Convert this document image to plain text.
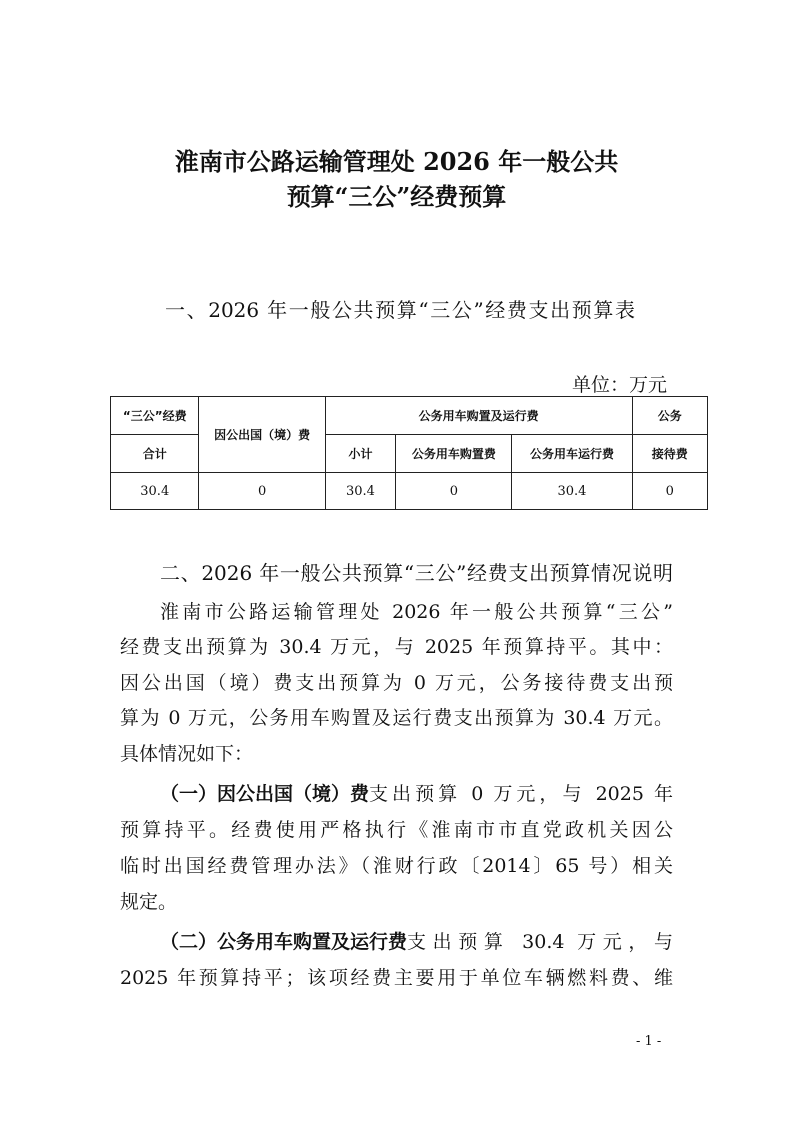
淮南市公路运输管理处 2026 年一般公共
预算“三公”经费预算
一、2026 年一般公共预算“三公”经费支出预算表
单位：万元
“三公”经费	因公出国（境）费	公务用车购置及运行费			公务
合计		小计	公务用车购置费	公务用车运行费	接待费
30.4	0	30.4	0	30.4	0
二、2026 年一般公共预算“三公”经费支出预算情况说明
淮南市公路运输管理处 2026 年一般公共预算“三公”
经费支出预算为 30.4 万元，与 2025 年预算持平。其中：
因公出国（境）费支出预算为 0 万元，公务接待费支出预
算为 0 万元，公务用车购置及运行费支出预算为 30.4 万元。
具体情况如下：
（一）因公出国（境）费 支出预算 0 万元，与 2025 年
预算持平。经费使用严格执行《淮南市市直党政机关因公
临时出国经费管理办法》（淮财行政〔2014〕65 号）相关
规定。
（二）公务用车购置及运行费 支出预算 30.4 万元，与
2025 年预算持平；该项经费主要用于单位车辆燃料费、维
- 1 -
